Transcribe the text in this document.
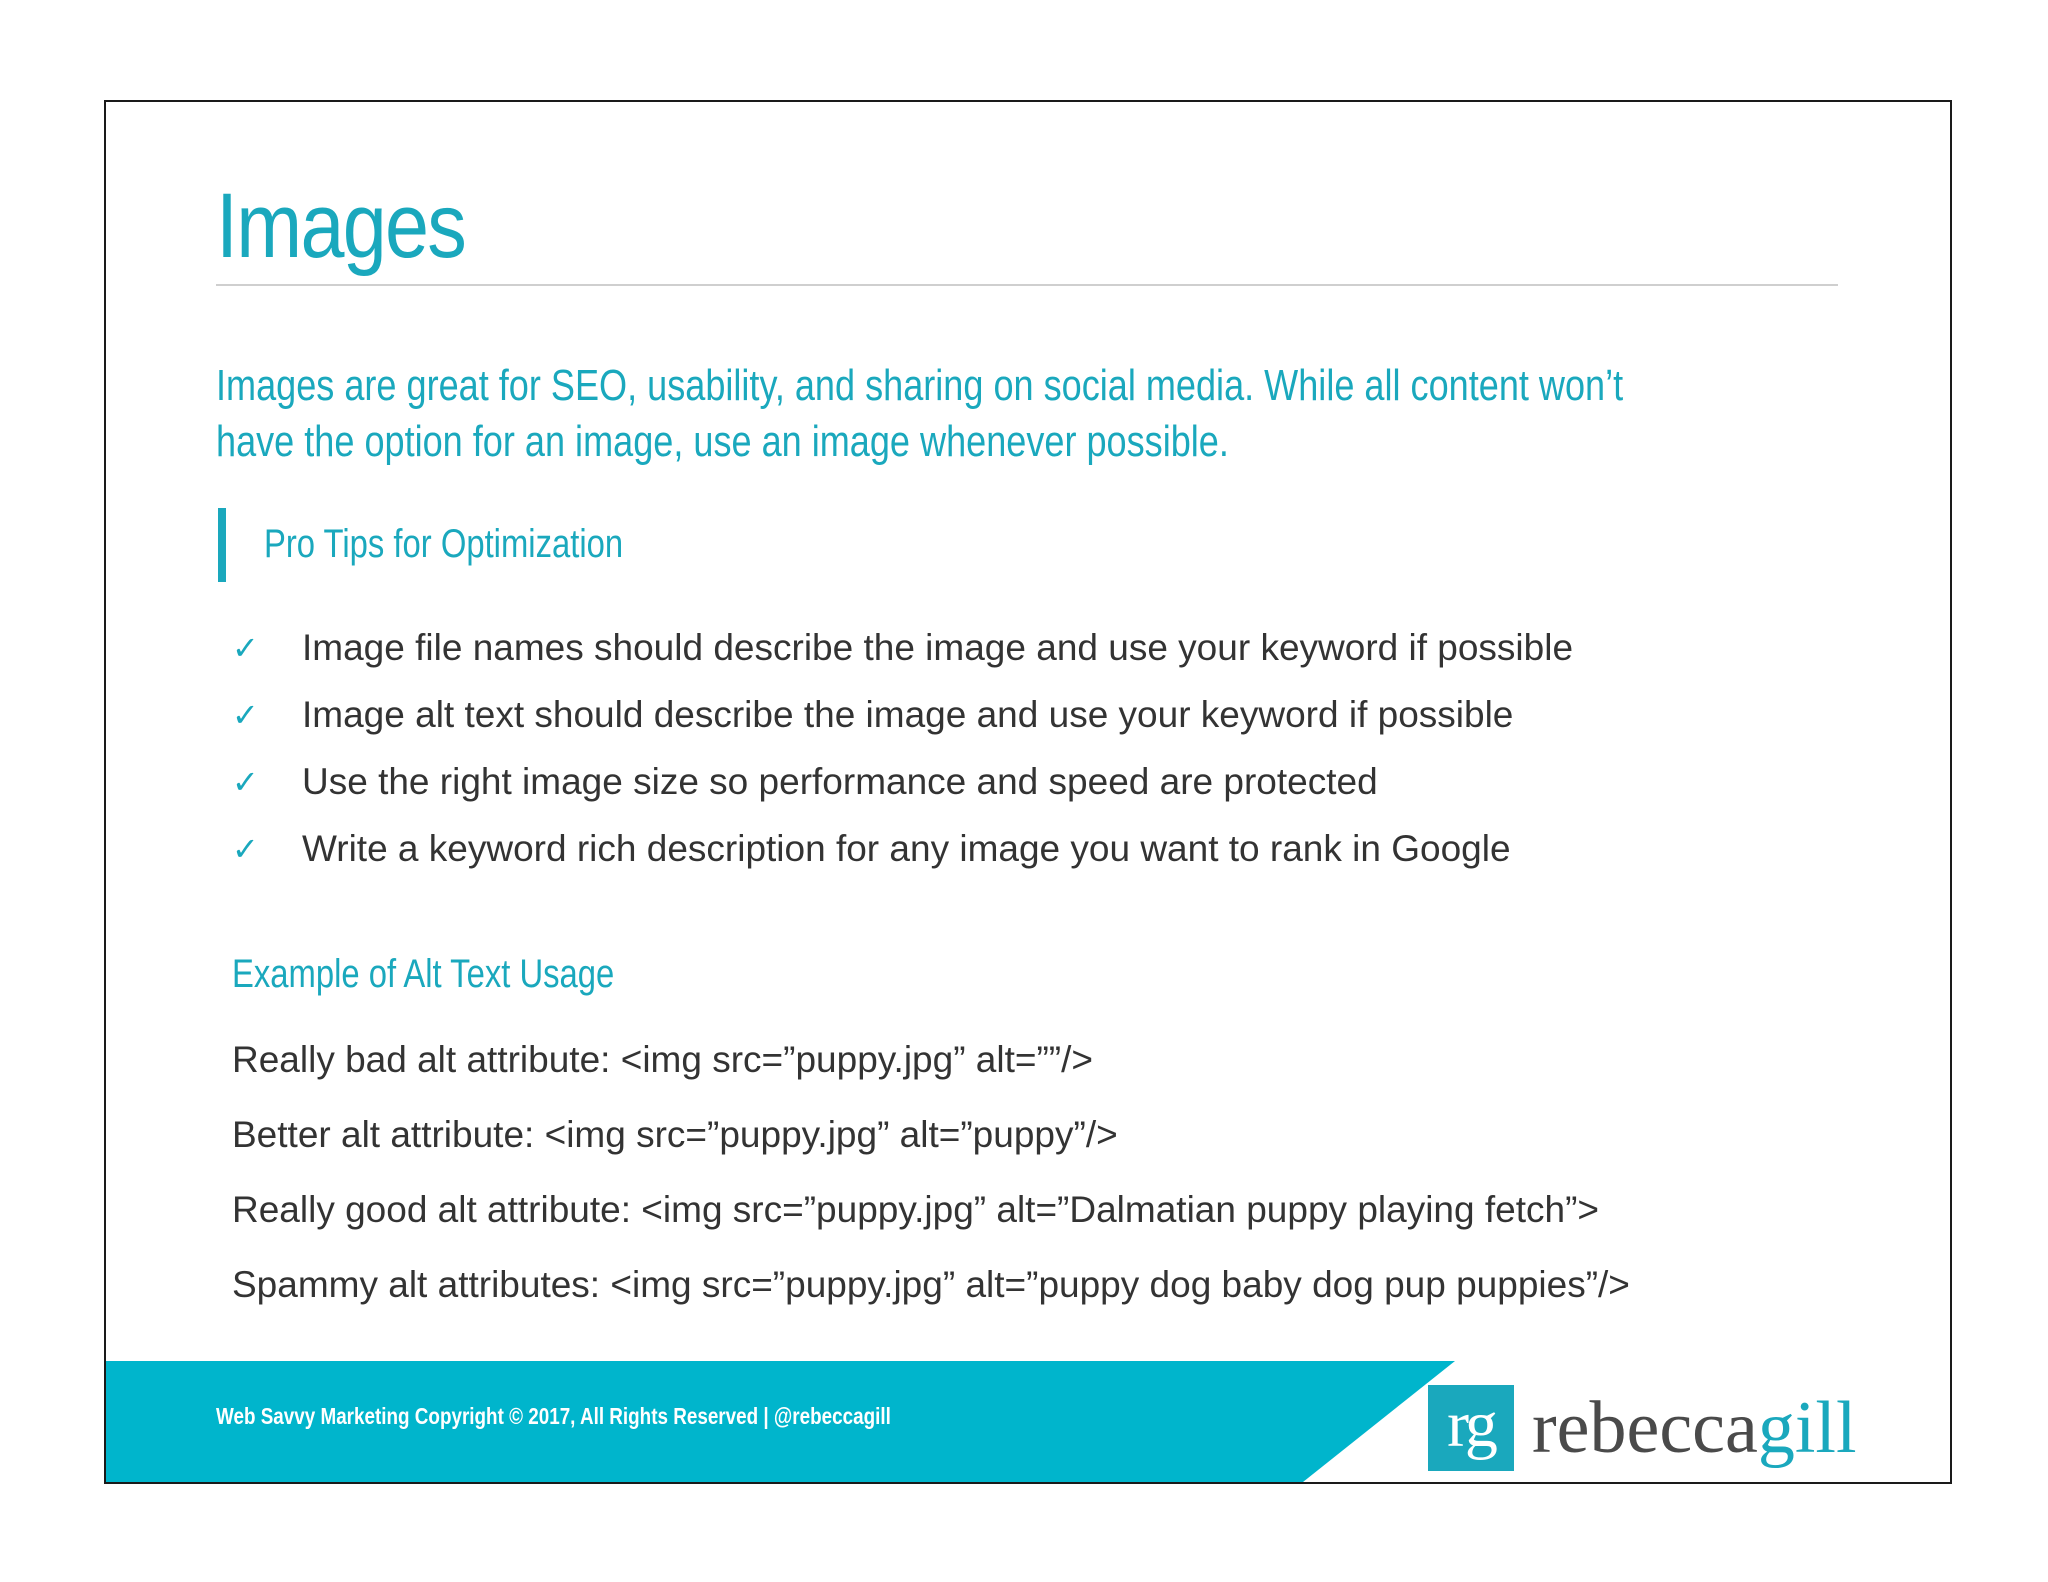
Images
Images are great for SEO, usability, and sharing on social media. While all content won’t have the option for an image, use an image whenever possible.
Pro Tips for Optimization
✓	Image file names should describe the image and use your keyword if possible
✓	Image alt text should describe the image and use your keyword if possible
✓	Use the right image size so performance and speed are protected
✓	Write a keyword rich description for any image you want to rank in Google
Example of Alt Text Usage
Really bad alt attribute: <img src=”puppy.jpg” alt=””/>
Better alt attribute: <img src=”puppy.jpg” alt=”puppy”/>
Really good alt attribute: <img src=”puppy.jpg” alt=”Dalmatian puppy playing fetch”>
Spammy alt attributes: <img src=”puppy.jpg” alt=”puppy dog baby dog pup puppies”/>
Web Savvy Marketing Copyright © 2017, All Rights Reserved | @rebeccagill	rg rebeccagill
